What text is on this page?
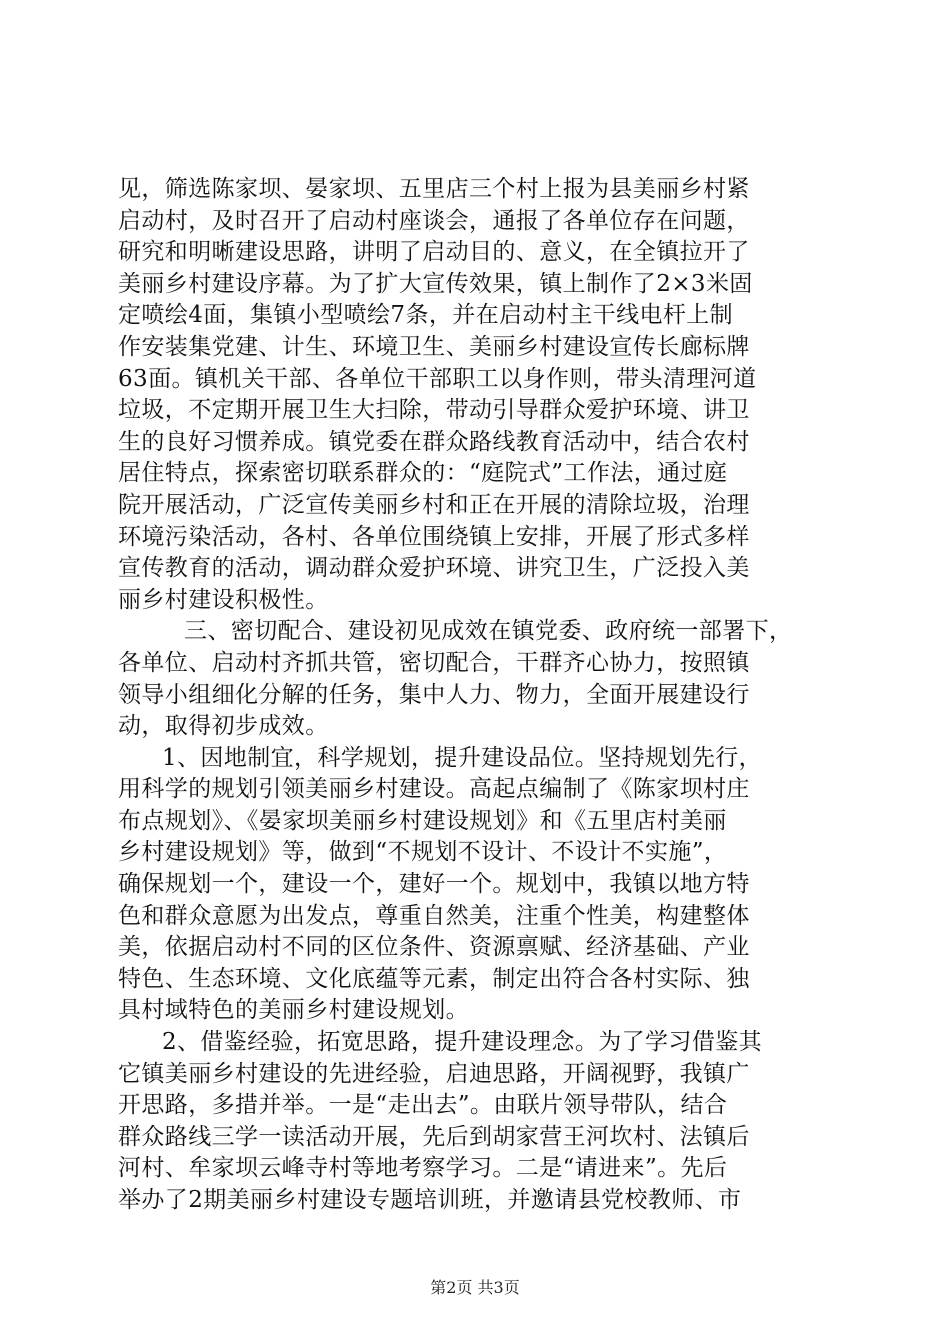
见，筛选陈家坝、晏家坝、五里店三个村上报为县美丽乡村紧
启动村，及时召开了启动村座谈会，通报了各单位存在问题，
研究和明晰建设思路，讲明了启动目的、意义，在全镇拉开了
美丽乡村建设序幕。为了扩大宣传效果，镇上制作了2×3米固
定喷绘4面，集镇小型喷绘7条，并在启动村主干线电杆上制
作安装集党建、计生、环境卫生、美丽乡村建设宣传长廊标牌
63面。镇机关干部、各单位干部职工以身作则，带头清理河道
垃圾，不定期开展卫生大扫除，带动引导群众爱护环境、讲卫
生的良好习惯养成。镇党委在群众路线教育活动中，结合农村
居住特点，探索密切联系群众的：“庭院式”工作法，通过庭
院开展活动，广泛宣传美丽乡村和正在开展的清除垃圾，治理
环境污染活动，各村、各单位围绕镇上安排，开展了形式多样
宣传教育的活动，调动群众爱护环境、讲究卫生，广泛投入美
丽乡村建设积极性。
三、密切配合、建设初见成效在镇党委、政府统一部署下，
各单位、启动村齐抓共管，密切配合，干群齐心协力，按照镇
领导小组细化分解的任务，集中人力、物力，全面开展建设行
动，取得初步成效。
1、因地制宜，科学规划，提升建设品位。坚持规划先行，
用科学的规划引领美丽乡村建设。高起点编制了《陈家坝村庄
布点规划》、《晏家坝美丽乡村建设规划》和《五里店村美丽
乡村建设规划》等，做到“不规划不设计、不设计不实施”，
确保规划一个，建设一个，建好一个。规划中，我镇以地方特
色和群众意愿为出发点，尊重自然美，注重个性美，构建整体
美，依据启动村不同的区位条件、资源禀赋、经济基础、产业
特色、生态环境、文化底蕴等元素，制定出符合各村实际、独
具村域特色的美丽乡村建设规划。
2、借鉴经验，拓宽思路，提升建设理念。为了学习借鉴其
它镇美丽乡村建设的先进经验，启迪思路，开阔视野，我镇广
开思路，多措并举。一是“走出去”。由联片领导带队，结合
群众路线三学一读活动开展，先后到胡家营王河坎村、法镇后
河村、牟家坝云峰寺村等地考察学习。二是“请进来”。先后
举办了2期美丽乡村建设专题培训班，并邀请县党校教师、市
第2页 共3页
